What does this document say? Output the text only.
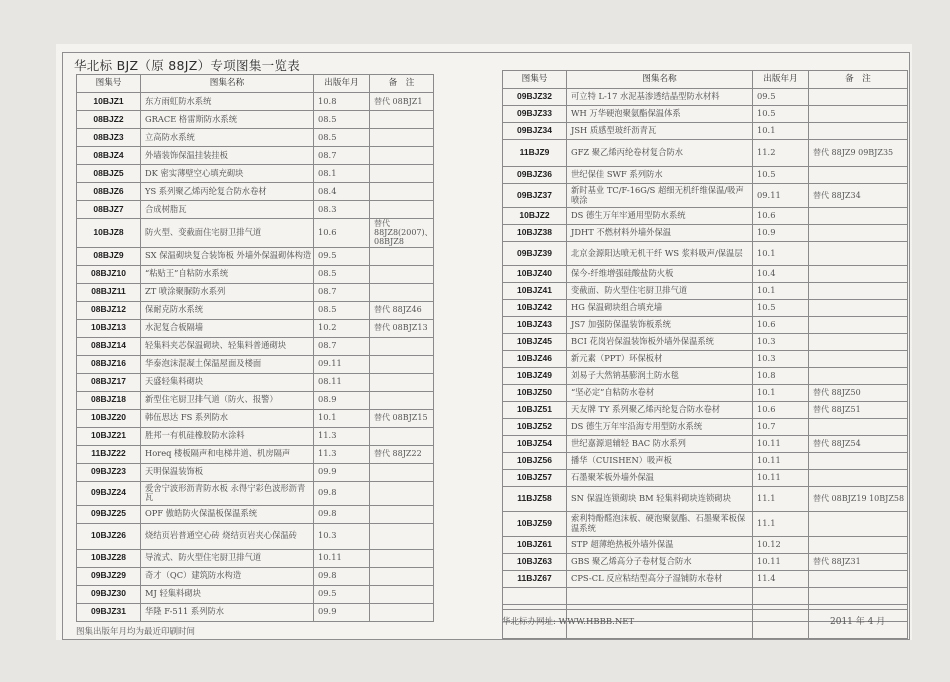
华北标 BJZ（原 88JZ）专项图集一览表
图集号	图集名称	出版年月	备　注
10BJZ1	东方雨虹防水系统	10.8	替代 08BJZ1
08BJZ2	GRACE 格雷斯防水系统	08.5	
08BJZ3	立高防水系统	08.5	
08BJZ4	外墙装饰保温挂装挂板	08.7	
08BJZ5	DK 密实薄壁空心填充砌块	08.1	
08BJZ6	YS 系列聚乙烯丙纶复合防水卷材	08.4	
08BJZ7	合成树脂瓦	08.3	
10BJZ8	防火型、变截面住宅厨卫排气道	10.6	替代 88JZ8(2007)、08BJZ8
08BJZ9	SX 保温砌块复合装饰板 外墙外保温砌体构造	09.5	
08BJZ10	“粘贴王”自粘防水系统	08.5	
08BJZ11	ZT 喷涂聚脲防水系列	08.7	
08BJZ12	保耐克防水系统	08.5	替代 88JZ46
10BJZ13	水泥复合板隔墙	10.2	替代 08BJZ13
08BJZ14	轻集料夹芯保温砌块、轻集料普通砌块	08.7	
08BJZ16	华泰泡沫混凝土保温屋面及楼面	09.11	
08BJZ17	天盛轻集料砌块	08.11	
08BJZ18	新型住宅厨卫排气道（防火、报警）	08.9	
10BJZ20	韩伍思达 FS 系列防水	10.1	替代 08BJZ15
10BJZ21	胜邦一有机硅橡胶防水涂料	11.3	
11BJZ22	Horeq 楼板隔声和电梯井道、机房隔声	11.3	替代 88JZ22
09BJZ23	天明保温装饰板	09.9	
09BJZ24	爱舍宁波形沥青防水板 永得宁彩色波形沥青瓦	09.8	
09BJZ25	OPF 傲皓防火保温板保温系统	09.8	
10BJZ26	烧结页岩普通空心砖 烧结页岩夹心保温砖	10.3	
10BJZ28	导流式、防火型住宅厨卫排气道	10.11	
09BJZ29	奇才（QC）建筑防水构造	09.8	
09BJZ30	MJ 轻集料砌块	09.5	
09BJZ31	华隆 F-511 系列防水	09.9	
图集号	图集名称	出版年月	备　注
09BJZ32	可立特 L-17 水泥基渗透结晶型防水材料	09.5	
09BJZ33	WH 万华硬泡聚氨酯保温体系	10.5	
09BJZ34	JSH 质感型玻纤沥青瓦	10.1	
11BJZ9	GFZ 聚乙烯丙纶卷材复合防水	11.2	替代 88JZ9 09BJZ35
09BJZ36	世纪保佳 SWF 系列防水	10.5	
09BJZ37	新时基业 TC/F-16G/S 超细无机纤维保温/吸声喷涂	09.11	替代 88JZ34
10BJZ2	DS 德生万年牢通用型防水系统	10.6	
10BJZ38	JDHT 不燃材料外墙外保温	10.9	
09BJZ39	北京金源阳达喷无机干纤 WS 浆料吸声/保温层	10.1	
10BJZ40	保今-纤维增强硅酸盐防火板	10.4	
10BJZ41	变截面、防火型住宅厨卫排气道	10.1	
10BJZ42	HG 保温砌块组合填充墙	10.5	
10BJZ43	JS7 加强防保温装饰板系统	10.6	
10BJZ45	BCI 花岗岩保温装饰板外墙外保温系统	10.3	
10BJZ46	新元素（PPT）环保板材	10.3	
10BJZ49	刘易子大然钠基膨润土防水毯	10.8	
10BJZ50	“坚必定”自粘防水卷材	10.1	替代 88JZ50
10BJZ51	天友牌 TY 系列聚乙烯丙纶复合防水卷材	10.6	替代 88JZ51
10BJZ52	DS 德生万年牢沿海专用型防水系统	10.7	
10BJZ54	世纪嘉源退辅轻 BAC 防水系列	10.11	替代 88JZ54
10BJZ56	播华（CUISHEN）吸声板	10.11	
10BJZ57	石墨聚苯板外墙外保温	10.11	
11BJZ58	SN 保温连锁砌块 BM 轻集料砌块连锁砌块	11.1	替代 08BJZ19 10BJZ58
10BJZ59	索利特酚醛泡沫板、硬泡聚氨酯、石墨聚苯板保温系统	11.1	
10BJZ61	STP 超薄绝热板外墙外保温	10.12	
10BJZ63	GBS 聚乙烯高分子卷材复合防水	10.11	替代 88JZ31
11BJZ67	CPS-CL 反应粘结型高分子湿铺防水卷材	11.4	

图集出版年月均为最近印刷时间
华北标办网址: WWW.HBBB.NET	2011 年 4 月
